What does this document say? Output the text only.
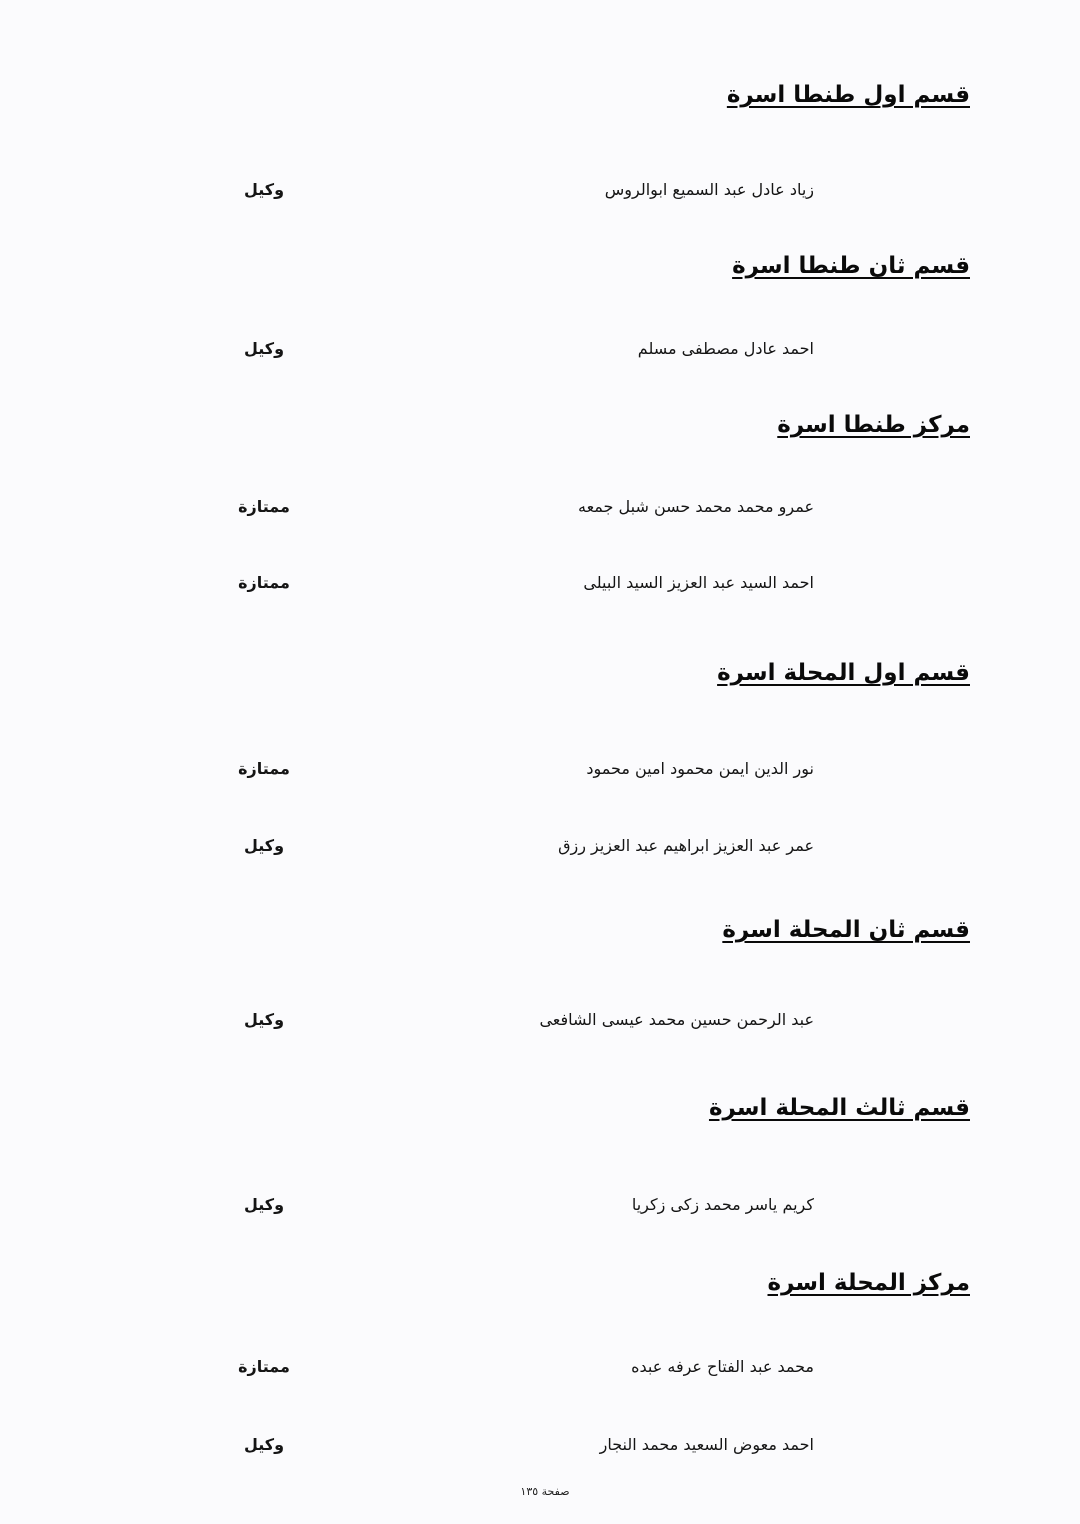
قسم اول طنطا اسرة
زياد عادل عبد السميع ابوالروس
وكيل
قسم ثان طنطا اسرة
احمد عادل مصطفى مسلم
وكيل
مركز طنطا اسرة
عمرو محمد محمد حسن شبل جمعه
ممتازة
احمد السيد عبد العزيز السيد البيلى
ممتازة
قسم اول المحلة اسرة
نور الدين ايمن محمود امين محمود
ممتازة
عمر عبد العزيز ابراهيم عبد العزيز رزق
وكيل
قسم ثان المحلة اسرة
عبد الرحمن حسين محمد عيسى الشافعى
وكيل
قسم ثالث المحلة اسرة
كريم ياسر محمد زكى زكريا
وكيل
مركز المحلة اسرة
محمد عبد الفتاح عرفه عبده
ممتازة
احمد معوض السعيد محمد النجار
وكيل
صفحة ١٣٥
